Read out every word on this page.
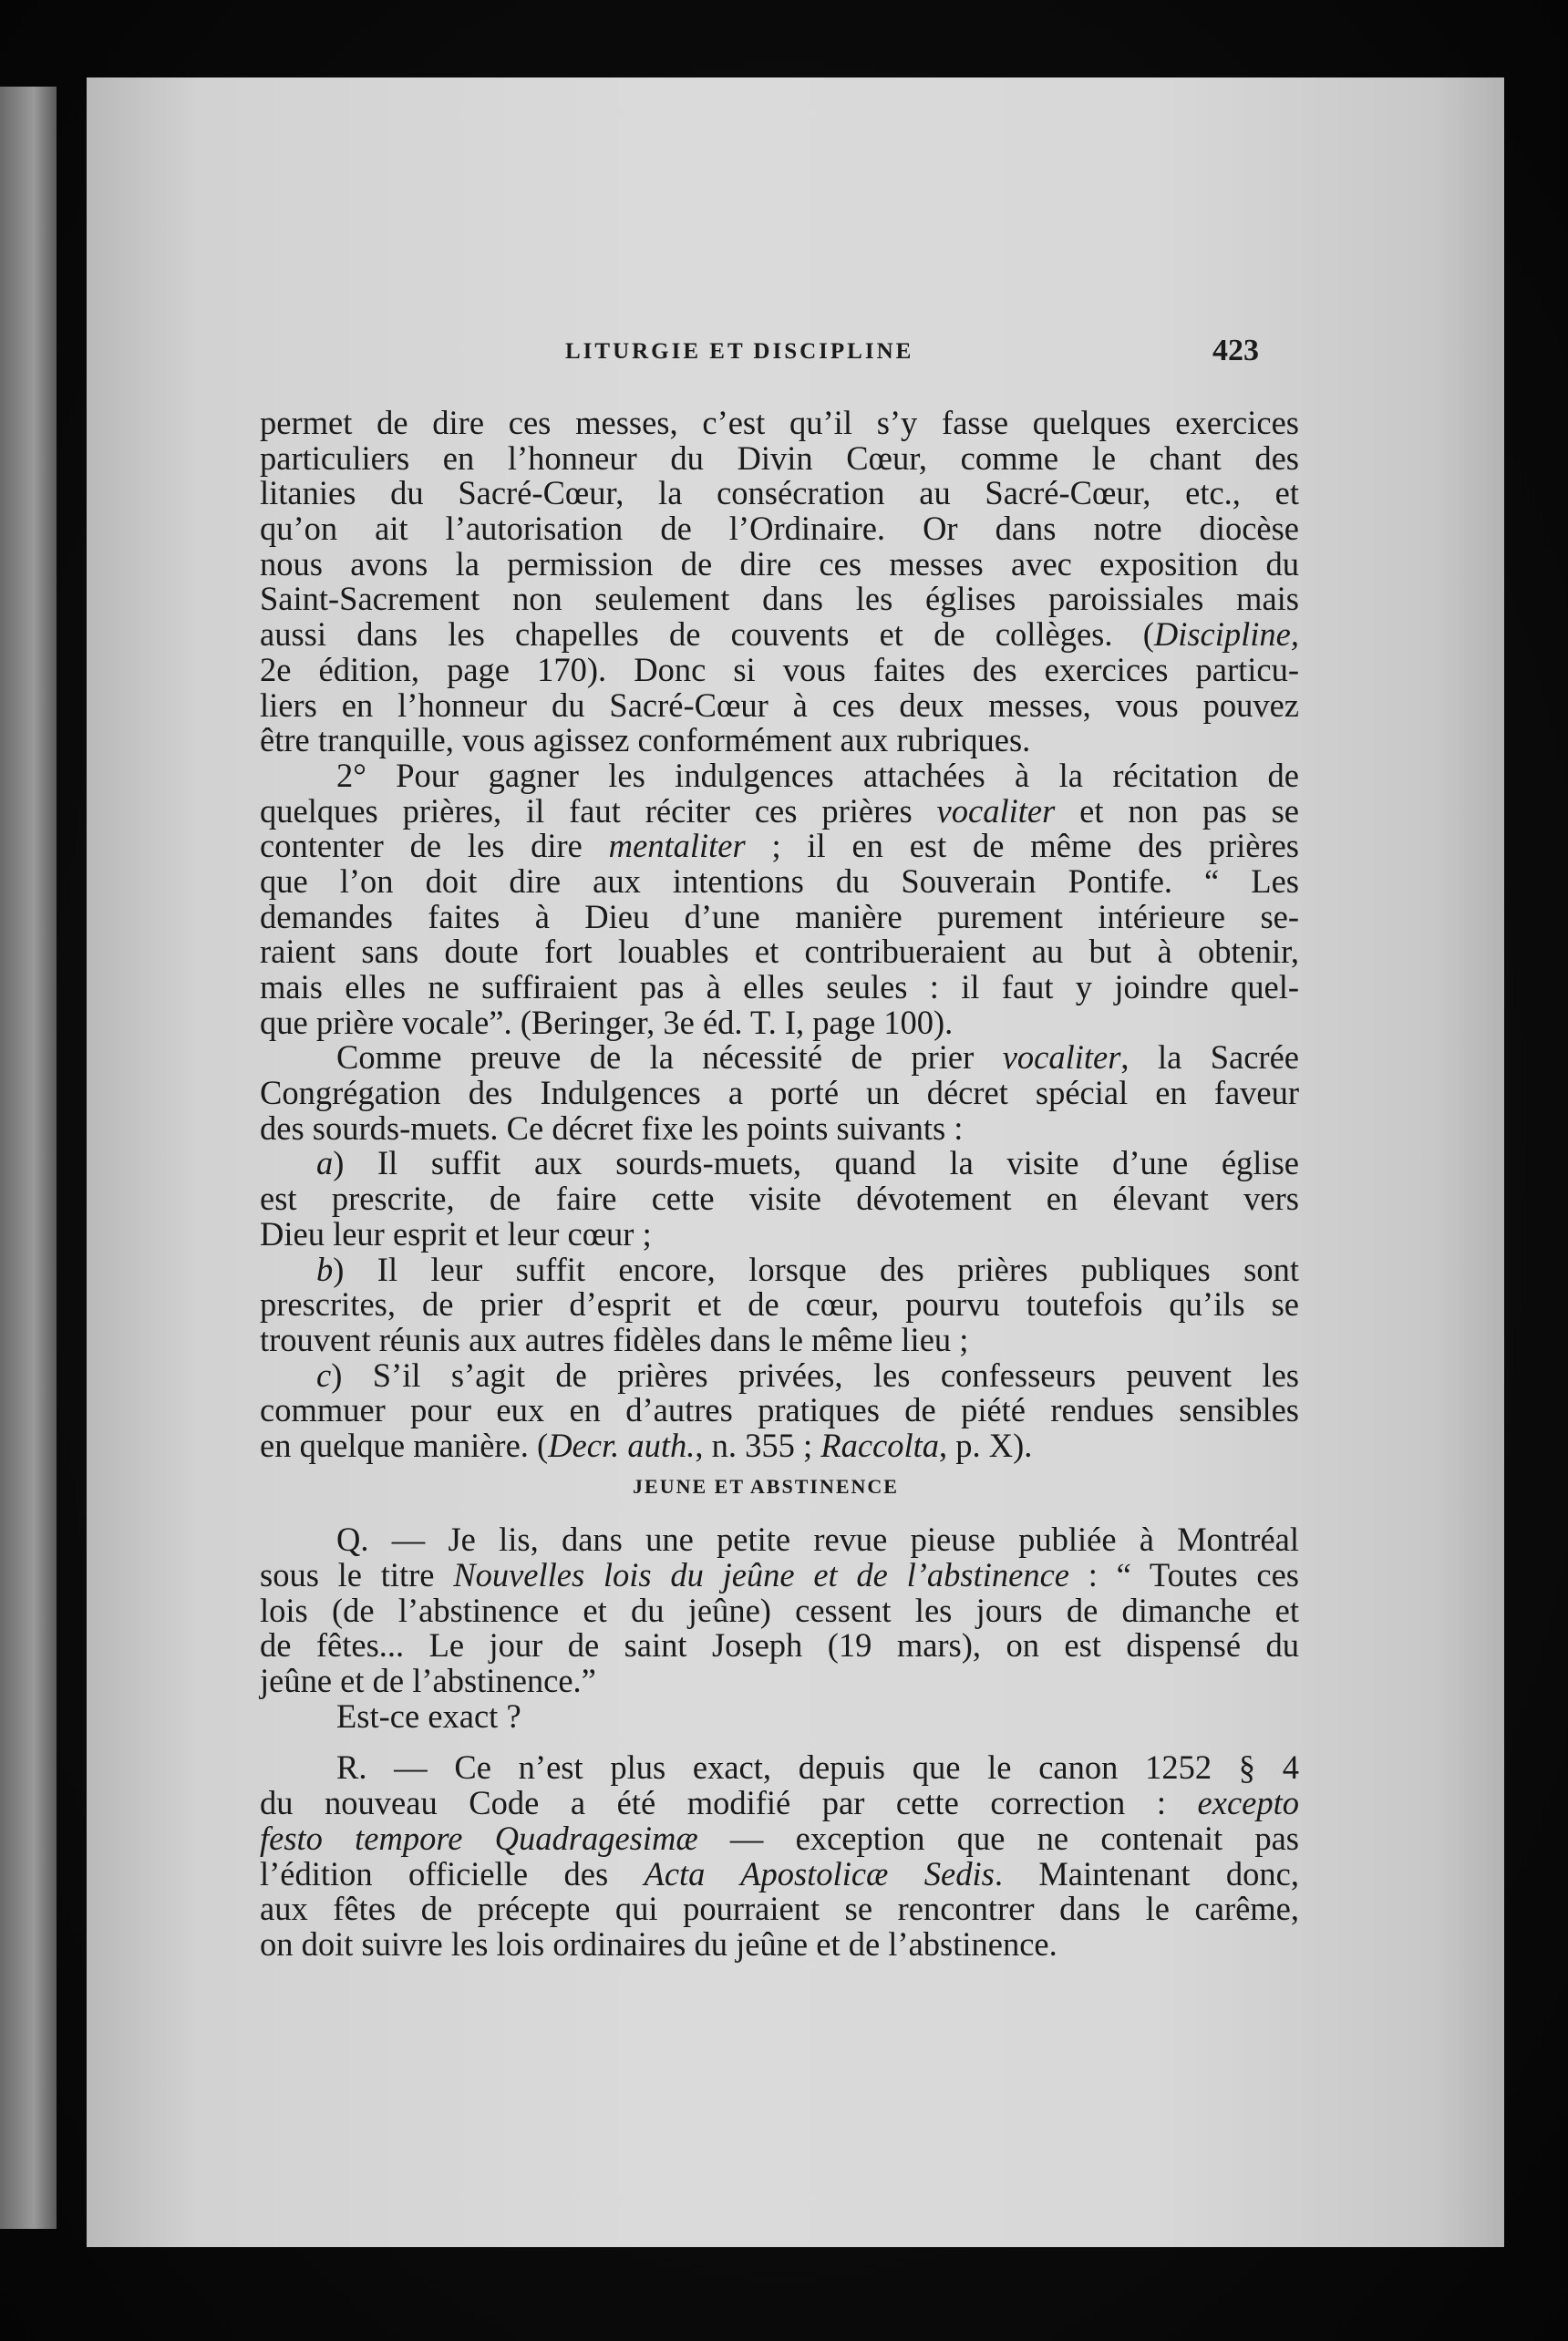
LITURGIE ET DISCIPLINE	423
permet de dire ces messes, c’est qu’il s’y fasse quelques exercices
particuliers en l’honneur du Divin Cœur, comme le chant des
litanies du Sacré-Cœur, la consécration au Sacré-Cœur, etc., et
qu’on ait l’autorisation de l’Ordinaire. Or dans notre diocèse
nous avons la permission de dire ces messes avec exposition du
Saint-Sacrement non seulement dans les églises paroissiales mais
aussi dans les chapelles de couvents et de collèges. (Discipline,
2e édition, page 170). Donc si vous faites des exercices particu-
liers en l’honneur du Sacré-Cœur à ces deux messes, vous pouvez
être tranquille, vous agissez conformément aux rubriques.
2° Pour gagner les indulgences attachées à la récitation de
quelques prières, il faut réciter ces prières vocaliter et non pas se
contenter de les dire mentaliter ; il en est de même des prières
que l’on doit dire aux intentions du Souverain Pontife. “ Les
demandes faites à Dieu d’une manière purement intérieure se-
raient sans doute fort louables et contribueraient au but à obtenir,
mais elles ne suffiraient pas à elles seules : il faut y joindre quel-
que prière vocale”. (Beringer, 3e éd. T. I, page 100).
Comme preuve de la nécessité de prier vocaliter, la Sacrée
Congrégation des Indulgences a porté un décret spécial en faveur
des sourds-muets. Ce décret fixe les points suivants :
a) Il suffit aux sourds-muets, quand la visite d’une église
est prescrite, de faire cette visite dévotement en élevant vers
Dieu leur esprit et leur cœur ;
b) Il leur suffit encore, lorsque des prières publiques sont
prescrites, de prier d’esprit et de cœur, pourvu toutefois qu’ils se
trouvent réunis aux autres fidèles dans le même lieu ;
c) S’il s’agit de prières privées, les confesseurs peuvent les
commuer pour eux en d’autres pratiques de piété rendues sensibles
en quelque manière. (Decr. auth., n. 355 ; Raccolta, p. X).
JEUNE ET ABSTINENCE
Q. — Je lis, dans une petite revue pieuse publiée à Montréal
sous le titre Nouvelles lois du jeûne et de l’abstinence : “ Toutes ces
lois (de l’abstinence et du jeûne) cessent les jours de dimanche et
de fêtes... Le jour de saint Joseph (19 mars), on est dispensé du
jeûne et de l’abstinence.”
Est-ce exact ?
R. — Ce n’est plus exact, depuis que le canon 1252 § 4
du nouveau Code a été modifié par cette correction : excepto
festo tempore Quadragesimæ — exception que ne contenait pas
l’édition officielle des Acta Apostolicæ Sedis. Maintenant donc,
aux fêtes de précepte qui pourraient se rencontrer dans le carême,
on doit suivre les lois ordinaires du jeûne et de l’abstinence.
